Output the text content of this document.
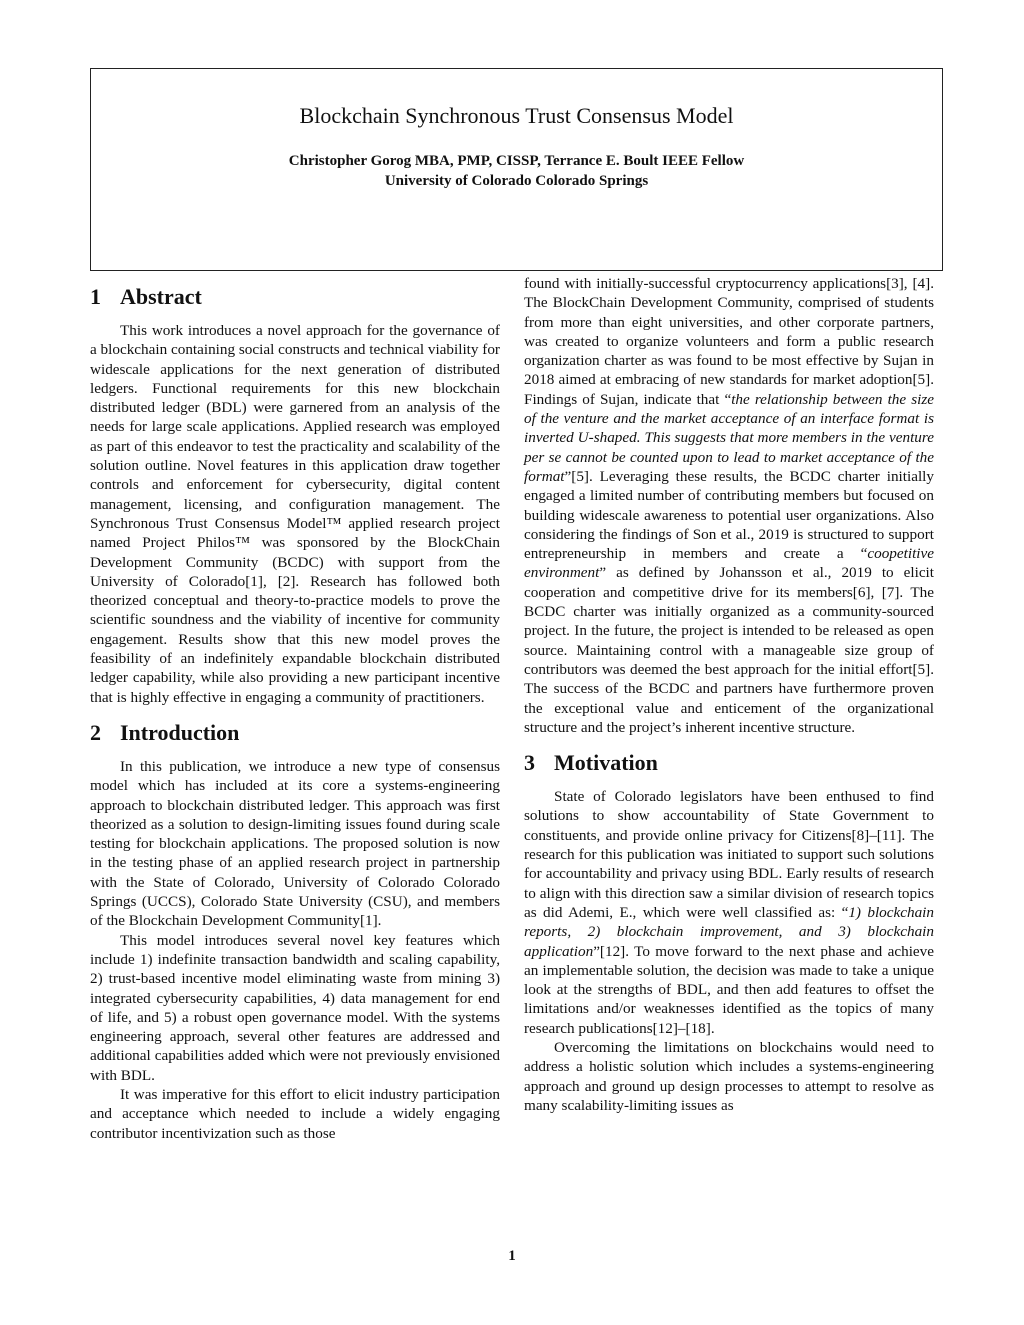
Blockchain Synchronous Trust Consensus Model
Christopher Gorog MBA, PMP, CISSP, Terrance E. Boult IEEE Fellow
University of Colorado Colorado Springs
1 Abstract

This work introduces a novel approach for the governance of a blockchain containing social constructs and technical viability for widescale applications for the next generation of distributed ledgers. Functional requirements for this new blockchain distributed ledger (BDL) were garnered from an analysis of the needs for large scale applications. Applied research was employed as part of this endeavor to test the practicality and scalability of the solution outline. Novel features in this application draw together controls and enforcement for cybersecurity, digital content management, licensing, and configuration management. The Synchronous Trust Consensus Model™ applied research project named Project Philos™ was sponsored by the BlockChain Development Community (BCDC) with support from the University of Colorado[1], [2]. Research has followed both theorized conceptual and theory-to-practice models to prove the scientific soundness and the viability of incentive for community engagement. Results show that this new model proves the feasibility of an indefinitely expandable blockchain distributed ledger capability, while also providing a new participant incentive that is highly effective in engaging a community of practitioners.

2 Introduction

In this publication, we introduce a new type of consensus model which has included at its core a systems-engineering approach to blockchain distributed ledger. This approach was first theorized as a solution to design-limiting issues found during scale testing for blockchain applications. The proposed solution is now in the testing phase of an applied research project in partnership with the State of Colorado, University of Colorado Colorado Springs (UCCS), Colorado State University (CSU), and members of the Blockchain Development Community[1].

This model introduces several novel key features which include 1) indefinite transaction bandwidth and scaling capability, 2) trust-based incentive model eliminating waste from mining 3) integrated cybersecurity capabilities, 4) data management for end of life, and 5) a robust open governance model. With the systems engineering approach, several other features are addressed and additional capabilities added which were not previously envisioned with BDL.

It was imperative for this effort to elicit industry participation and acceptance which needed to include a widely engaging contributor incentivization such as those

found with initially-successful cryptocurrency applications[3], [4]. The BlockChain Development Community, comprised of students from more than eight universities, and other corporate partners, was created to organize volunteers and form a public research organization charter as was found to be most effective by Sujan in 2018 aimed at embracing of new standards for market adoption[5]. Findings of Sujan, indicate that “the relationship between the size of the venture and the market acceptance of an interface format is inverted U-shaped. This suggests that more members in the venture per se cannot be counted upon to lead to market acceptance of the format”[5]. Leveraging these results, the BCDC charter initially engaged a limited number of contributing members but focused on building widescale awareness to potential user organizations. Also considering the findings of Son et al., 2019 is structured to support entrepreneurship in members and create a “coopetitive environment” as defined by Johansson et al., 2019 to elicit cooperation and competitive drive for its members[6], [7]. The BCDC charter was initially organized as a community-sourced project. In the future, the project is intended to be released as open source. Maintaining control with a manageable size group of contributors was deemed the best approach for the initial effort[5]. The success of the BCDC and partners have furthermore proven the exceptional value and enticement of the organizational structure and the project’s inherent incentive structure.

3 Motivation

State of Colorado legislators have been enthused to find solutions to show accountability of State Government to constituents, and provide online privacy for Citizens[8]–[11]. The research for this publication was initiated to support such solutions for accountability and privacy using BDL. Early results of research to align with this direction saw a similar division of research topics as did Ademi, E., which were well classified as: “1) blockchain reports, 2) blockchain improvement, and 3) blockchain application”[12]. To move forward to the next phase and achieve an implementable solution, the decision was made to take a unique look at the strengths of BDL, and then add features to offset the limitations and/or weaknesses identified as the topics of many research publications[12]–[18].

Overcoming the limitations on blockchains would need to address a holistic solution which includes a systems-engineering approach and ground up design processes to attempt to resolve as many scalability-limiting issues as

1
